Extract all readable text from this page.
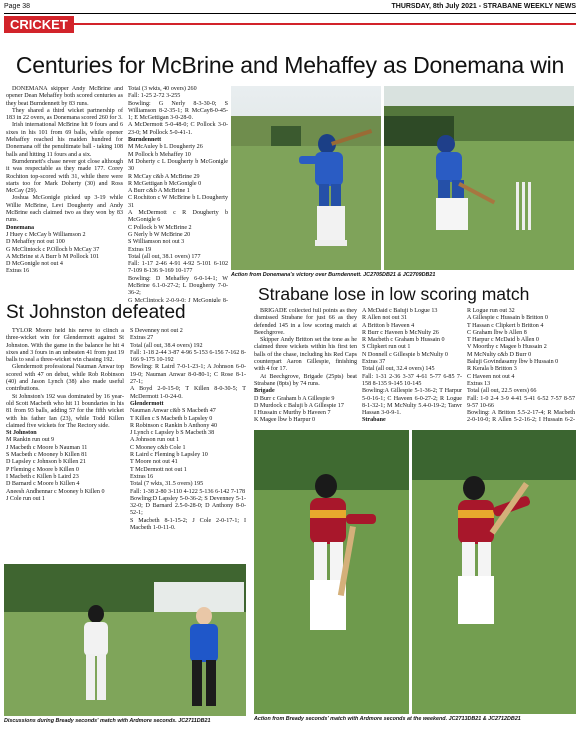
Page 38	THURSDAY, 8th July 2021 - STRABANE WEEKLY NEWS
CRICKET
Centuries for McBrine and Mehaffey as Donemana win

DONEMANA skipper Andy McBrine and opener Dean Mehaffey both scored centuries as they beat Burndennett by 83 runs.

They shared a third wicket partnership of 183 in 22 overs, as Donemana scored 260 for 3.

Irish international McBrine hit 9 fours and 6 sixes in his 101 from 69 balls, while opener Mehaffey reached his maiden hundred for Donemana off the penultimate ball - taking 108 balls and hitting 11 fours and a six.

Burndennett's chase never got close although it was respectable as they made 177. Corey Rochiton top-scored with 31, while there were starts too for Mark Doherty (30) and Ross McCay (29).

Joshua McGonigle picked up 3-19 while Willie McBrine, Levi Dougherty and Andy McBrine each claimed two as they won by 83 runs.

Donemana

J Huey c McCay b Williamson 2

D Mehaffey not out 100

G McClintock c P.Olloch b McCay 37

A McBrine st A Burr b M Pollock 101

D McGonigle not out 4

Extras 16

Total (3 wkts, 40 overs) 260

Fall: 1-25 2-72 3-255

Bowling: G Nerly 8-3-30-0; S Williamson 8-2-35-1; R McCay8-0-45-1; E McGettigan 3-0-28-0.

A McDermott 5-0-48-0; C Pollock 3-0-23-0; M Pollock 5-0-41-1.

Burndennett

M McAuley b L Dougherty 26

M Pollock b Mehaffey 10

M Doherty c L Dougherty b McGonigle 30

R McCay c&b A McBrine 29

R McGettigan b McGonigle 0

A Burr c&b A McBrine 1

C Rochiton c W McBrine b L Dougherty 31

A McDermott c R Dougherty b McGonigle 6

C Pollock b W McBrine 2

G Nerly b W McBrine 20

S Williamson not out 3

Extras 19

Total (all out, 38.1 overs) 177

Fall: 1-17 2-46 4-91 4-92 5-101 6-102 7-109 8-136 9-169 10-177

Bowling: D Mehaffey 6-0-14-1; W McBrine 6.1-0-27-2; L Dougherty 7-0-36-2;

G McClintock 2-0-9-0; J McGonigle 8-

Action from Donemana's victory over Burndennett. JC2705DB21 & JC2709DB21
St Johnston defeated

TYLOR Moore held his nerve to clinch a three-wicket win for Glendermott against St Johnston. With the game in the balance he hit 4 sixes and 3 fours in an unbeaten 41 from just 19 balls to seal a three-wicket win chasing 192.

Glendermott professional Nauman Anwar top scored with 47 on debut, while Rob Robinson (40) and Jason Lynch (38) also made useful contributions.

St Johnston's 192 was dominated by 16 year-old Scott Macbeth who hit 11 boundaries in his 81 from 93 balls, adding 57 for the fifth wicket with his father Ian (23), while Todd Killen claimed five wickets for The Rectory side.

St Johnston

M Rankin run out 9

J Macbeth c Moore b Nauman 11

S Macbeth c Mooney b Killen 81

D Lapsley c Johnson b Killen 21

P Fleming c Moore b Killen 0

I Macbeth c Killen b Laird 23

D Barnard c Moore b Killen 4

Aneesh Andhennar c Mooney b Killen 0

J Cole run out 1

S Devenney not out 2

Extras 27

Total (all out, 38.4 overs) 192

Fall: 1-18 2-44 3-87 4-96 5-153 6-156 7-162 8-166 9-175 10-192

Bowling: R Laird 7-0-1-23-1; A Johnson 6-0-19-0; Nauman Anwar 8-0-80-1; C Rose 8-1-27-1;

A Boyd 2-0-15-0; T Killen 8-0-30-5; T McDermott 1-0-24-0.

Glendermott

Nauman Anwar c&b S Macbeth 47

T Killen c S Macbeth b Lapsley 0

R Robinson c Rankin b Anthony 40

J Lynch c Lapsley b S Macbeth 38

A Johnson run out 1

C Mooney c&b Cole 1

R Laird c Fleming b Lapsley 10

T Moore not out 41

T McDermott not out 1

Extras 16

Total (7 wkts, 31.5 overs) 195

Fall: 1-38 2-80 3-110 4-122 5-136 6-142 7-178

Bowling:D Lapsley 5-0-36-2; S Devenney 5-1-32-0; D Barnard 2.5-0-28-0; D Anthony 8-0-52-1;

S Macbeth 8-1-15-2; J Cole 2-0-17-1; I Macbeth 1-0-11-0.

Strabane lose in low scoring match

BRIGADE collected full points as they dismissed Strabane for just 66 as they defended 145 in a low scoring match at Beechgrove.

Skipper Andy Britton set the tone as he claimed three wickets within his first ten balls of the chase, including his Red Caps counterpart Aaron Gillespie, finishing with 4 for 17.

At Beechgrove, Brigade (25pts) beat Strabane (8pts) by 74 runs.

Brigade

D Burr c Graham b A Gillespie 9

D Murdock c Baluji b A Gillespie 17

I Hussain c Murthy b Haveen 7

K Magee lbw b Harpur 0

A McDaid c Baluji b Logue 13

R Allen not out 31

A Britton b Haveen 4

R Burr c Haveen b McNulty 26

R Macbeth c Graham b Hussain 0

S Clipkert run out 1

N Donnell c Gillespie b McNulty 0

Extras 37

Total (all out, 32.4 overs) 145

Fall: 1-31 2-36 3-37 4-61 5-77 6-85 7-158 8-135 9-145 10-145

Bowling:A Gillespie 5-1-36-2; T Harpur 5-0-16-1; C Haveen 6-0-27-2; R Logue 8-1-32-1; M McNulty 5.4-0-19-2; Tanvr Hassan 3-0-9-1.

Strabane

R Logue run out 32

A Gillespie c Hussain b Britton 0

T Hassan c Clipkert b Britton 4

C Graham lbw b Allen 8

T Harpur c McDaid b Allen 0

V Moorthy c Magee b Hussain 2

M McNulty c&b D Burr 0

Baluji Govindasamy lbw b Hussain 0

R Kerala b Britton 3

C Haveen not out 4

Extras 13

Total (all out, 22.5 overs) 66

Fall: 1-0 2-4 3-9 4-41 5-41 6-52 7-57 8-57 9-57 10-66

Bowling: A Britton 5.5-2-17-4; R Macbeth 2-0-10-0; R Allen 5-2-16-2; I Hussain 6-2-

Discussions during Bready seconds' match with Ardmore seconds. JC2711DB21	Action from Bready seconds' match with Ardmore seconds at the weekend. JC2713DB21 & JC2712DB21
